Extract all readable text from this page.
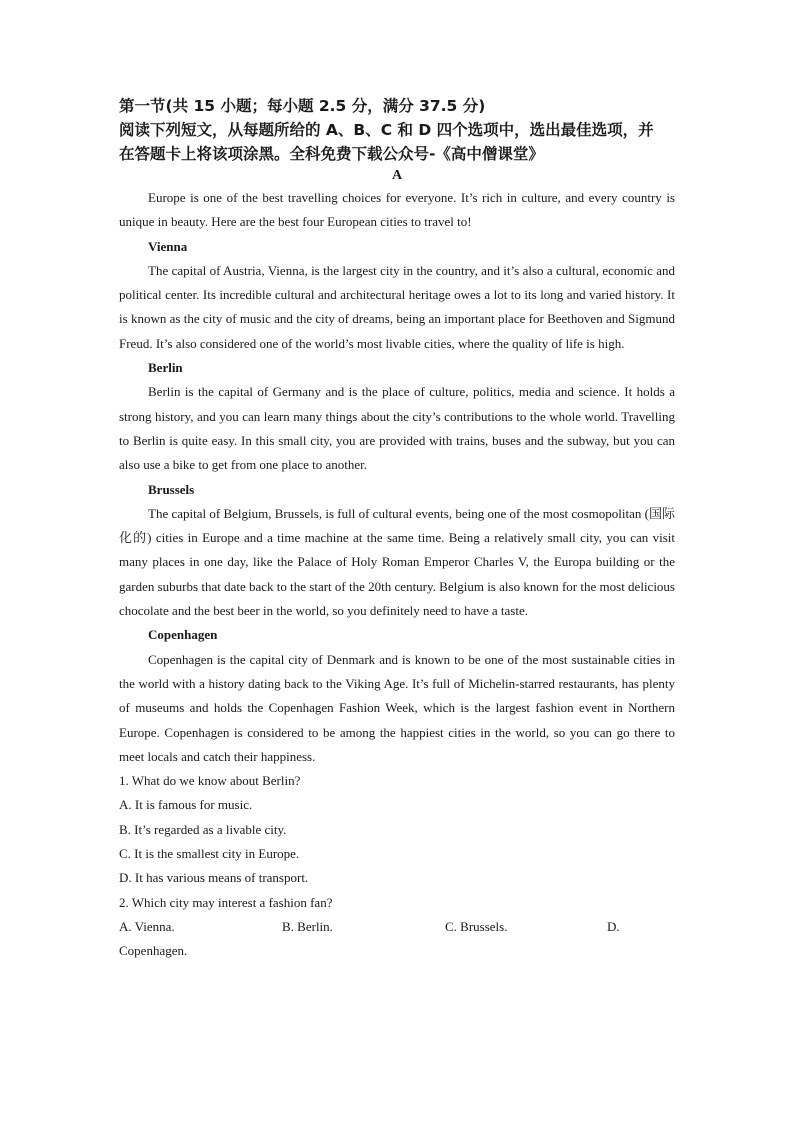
第一节(共 15 小题；每小题 2.5 分，满分 37.5 分)
阅读下列短文，从每题所给的 A、B、C 和 D 四个选项中，选出最佳选项，并
在答题卡上将该项涂黑。全科免费下载公众号-《高中僧课堂》
A

Europe is one of the best travelling choices for everyone. It’s rich in culture, and every country is unique in beauty. Here are the best four European cities to travel to!

Vienna

The capital of Austria, Vienna, is the largest city in the country, and it’s also a cultural, economic and political center. Its incredible cultural and architectural heritage owes a lot to its long and varied history. It is known as the city of music and the city of dreams, being an important place for Beethoven and Sigmund Freud. It’s also considered one of the world’s most livable cities, where the quality of life is high.

Berlin

Berlin is the capital of Germany and is the place of culture, politics, media and science. It holds a strong history, and you can learn many things about the city’s contributions to the whole world. Travelling to Berlin is quite easy. In this small city, you are provided with trains, buses and the subway, but you can also use a bike to get from one place to another.

Brussels

The capital of Belgium, Brussels, is full of cultural events, being one of the most cosmopolitan (国际化的) cities in Europe and a time machine at the same time. Being a relatively small city, you can visit many places in one day, like the Palace of Holy Roman Emperor Charles V, the Europa building or the garden suburbs that date back to the start of the 20th century. Belgium is also known for the most delicious chocolate and the best beer in the world, so you definitely need to have a taste.

Copenhagen

Copenhagen is the capital city of Denmark and is known to be one of the most sustainable cities in the world with a history dating back to the Viking Age. It’s full of Michelin-starred restaurants, has plenty of museums and holds the Copenhagen Fashion Week, which is the largest fashion event in Northern Europe. Copenhagen is considered to be among the happiest cities in the world, so you can go there to meet locals and catch their happiness.

1. What do we know about Berlin?

A. It is famous for music.

B. It’s regarded as a livable city.

C. It is the smallest city in Europe.

D. It has various means of transport.

2. Which city may interest a fashion fan?

A. Vienna.	B. Berlin.	C. Brussels.	D.

Copenhagen.
